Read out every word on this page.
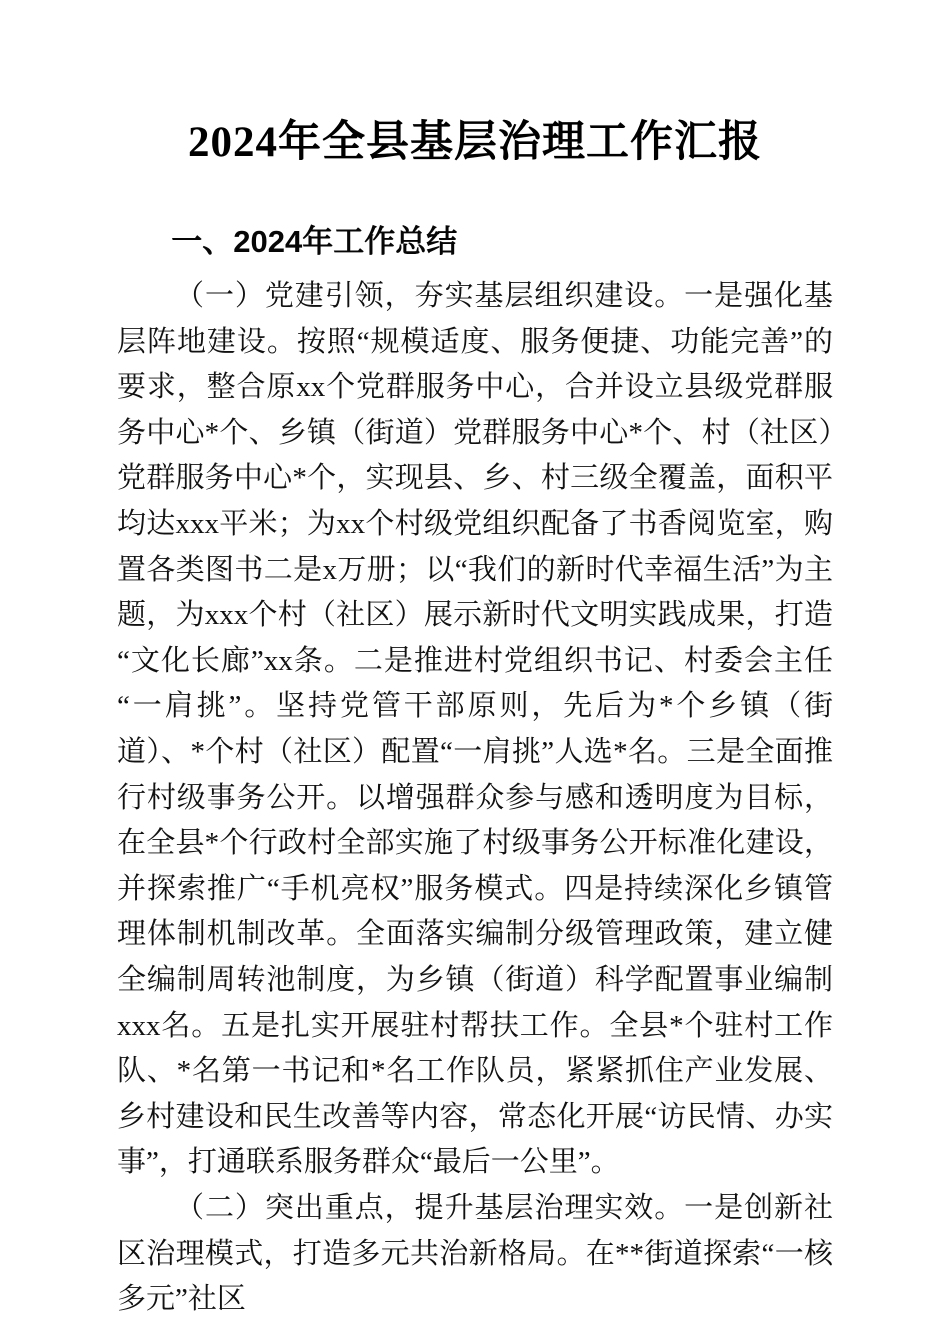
2024年全县基层治理工作汇报
一、2024年工作总结

（一）党建引领，夯实基层组织建设。一是强化基层阵地建设。按照“规模适度、服务便捷、功能完善”的要求，整合原xx个党群服务中心，合并设立县级党群服务中心*个、乡镇（街道）党群服务中心*个、村（社区）党群服务中心*个，实现县、乡、村三级全覆盖，面积平均达xxx平米；为xx个村级党组织配备了书香阅览室，购置各类图书二是x万册；以“我们的新时代幸福生活”为主题，为xxx个村（社区）展示新时代文明实践成果，打造“文化长廊”xx条。二是推进村党组织书记、村委会主任“一肩挑”。坚持党管干部原则，先后为*个乡镇（街道）、*个村（社区）配置“一肩挑”人选*名。三是全面推行村级事务公开。以增强群众参与感和透明度为目标，在全县*个行政村全部实施了村级事务公开标准化建设，并探索推广“手机亮权”服务模式。四是持续深化乡镇管理体制机制改革。全面落实编制分级管理政策，建立健全编制周转池制度，为乡镇（街道）科学配置事业编制xxx名。五是扎实开展驻村帮扶工作。全县*个驻村工作队、*名第一书记和*名工作队员，紧紧抓住产业发展、乡村建设和民生改善等内容，常态化开展“访民情、办实事”，打通联系服务群众“最后一公里”。

（二）突出重点，提升基层治理实效。一是创新社区治理模式，打造多元共治新格局。在**街道探索“一核多元”社区
